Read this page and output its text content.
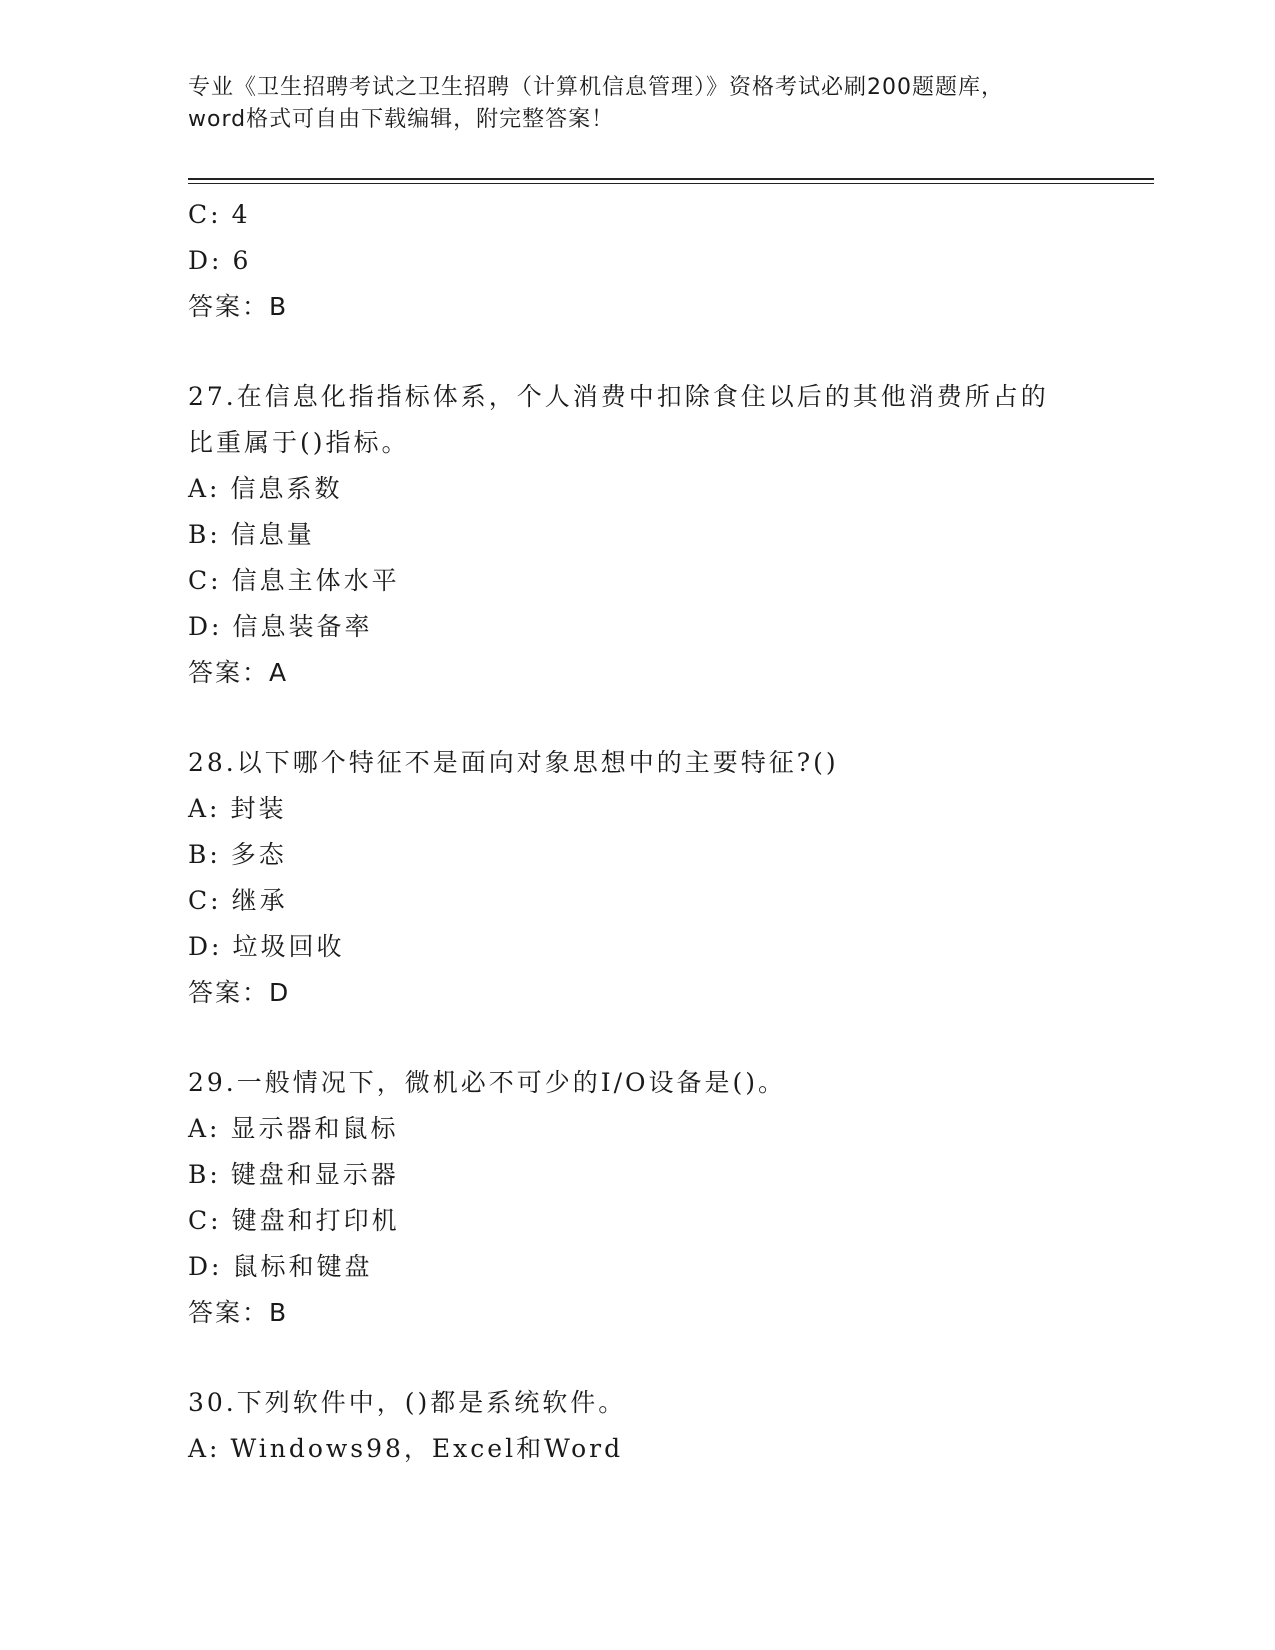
专业《卫生招聘考试之卫生招聘（计算机信息管理）》资格考试必刷200题题库，
word格式可自由下载编辑，附完整答案！
C: 4
D: 6
答案：B
27.在信息化指指标体系，个人消费中扣除食住以后的其他消费所占的
比重属于()指标。
A: 信息系数
B: 信息量
C: 信息主体水平
D: 信息装备率
答案：A
28.以下哪个特征不是面向对象思想中的主要特征?()
A: 封装
B: 多态
C: 继承
D: 垃圾回收
答案：D
29.一般情况下，微机必不可少的I/O设备是()。
A: 显示器和鼠标
B: 键盘和显示器
C: 键盘和打印机
D: 鼠标和键盘
答案：B
30.下列软件中，()都是系统软件。
A: Windows98，Excel和Word
